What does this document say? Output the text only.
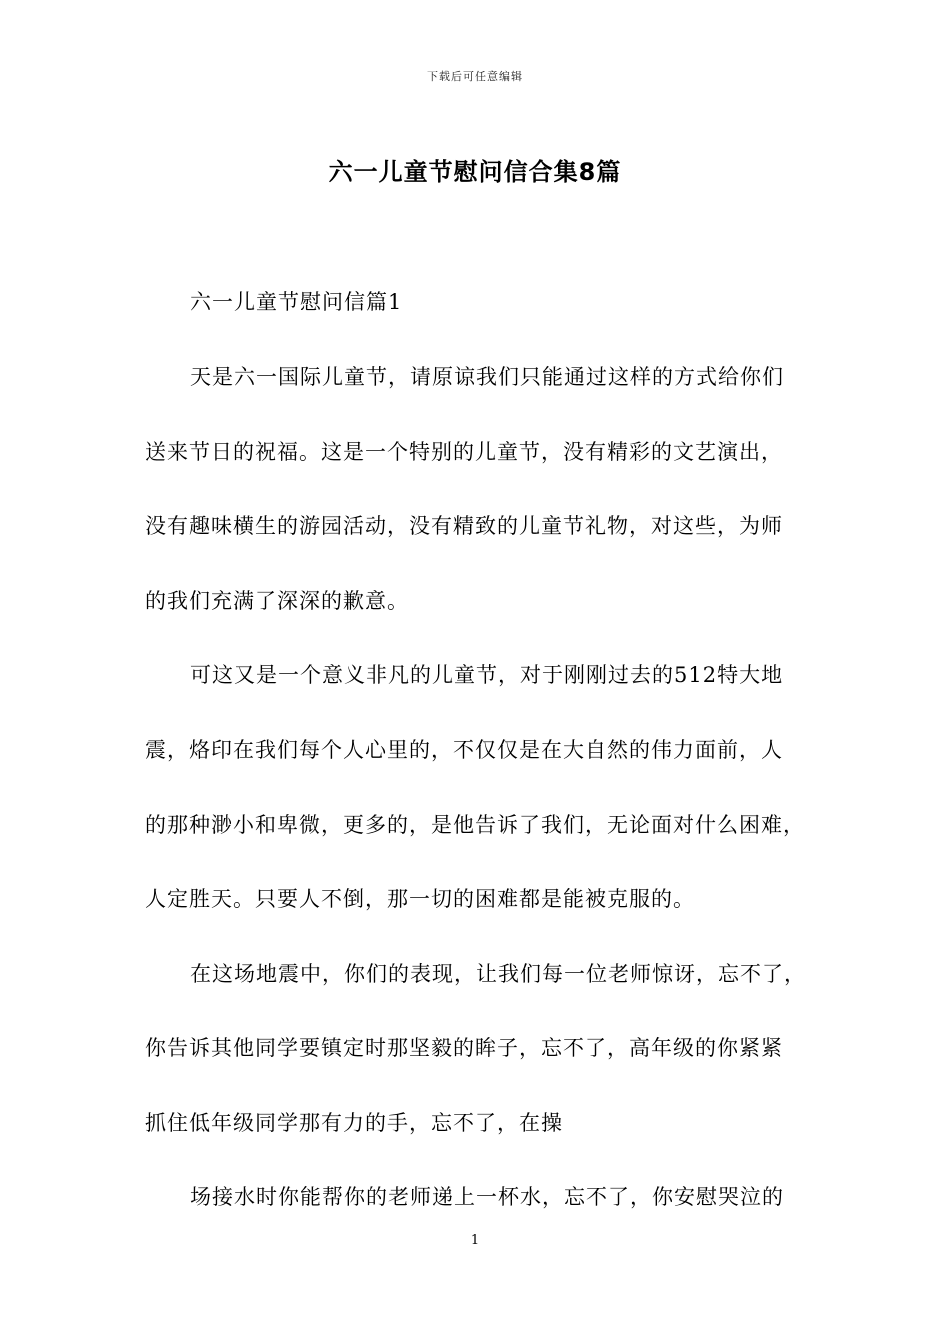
下载后可任意编辑
六一儿童节慰问信合集8篇
六一儿童节慰问信篇1
天是六一国际儿童节，请原谅我们只能通过这样的方式给你们
送来节日的祝福。这是一个特别的儿童节，没有精彩的文艺演出，
没有趣味横生的游园活动，没有精致的儿童节礼物，对这些，为师
的我们充满了深深的歉意。
可这又是一个意义非凡的儿童节，对于刚刚过去的512特大地
震，烙印在我们每个人心里的，不仅仅是在大自然的伟力面前，人
的那种渺小和卑微，更多的，是他告诉了我们，无论面对什么困难，
人定胜天。只要人不倒，那一切的困难都是能被克服的。
在这场地震中，你们的表现，让我们每一位老师惊讶，忘不了，
你告诉其他同学要镇定时那坚毅的眸子，忘不了，高年级的你紧紧
抓住低年级同学那有力的手，忘不了，在操
场接水时你能帮你的老师递上一杯水，忘不了，你安慰哭泣的
1
